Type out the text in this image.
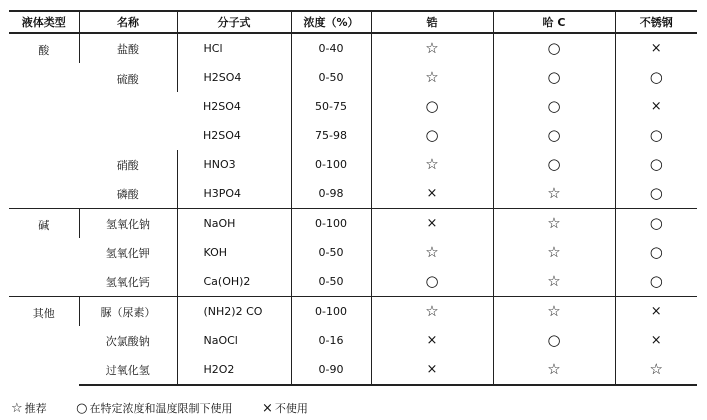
液体类型	名称	分子式	浓度（%）	锆	哈 C	不锈钢
酸	盐酸	HCl	0-40	☆	○	×

	硫酸	H2SO4	0-50	☆	○	○

		H2SO4	50-75	○	○	×

		H2SO4	75-98	○	○	○

	硝酸	HNO3	0-100	☆	○	○

	磷酸	H3PO4	0-98	×	☆	○

碱	氢氧化钠	NaOH	0-100	×	☆	○

	氢氧化钾	KOH	0-50	☆	☆	○

	氢氧化钙	Ca(OH)2	0-50	○	☆	○

其他	脲（尿素）	(NH2)2 CO	0-100	☆	☆	×

	次氯酸钠	NaOCl	0-16	×	○	×

	过氧化氢	H2O2	0-90	×	☆	☆
☆ 推荐 ○ 在特定浓度和温度限制下使用 × 不使用
